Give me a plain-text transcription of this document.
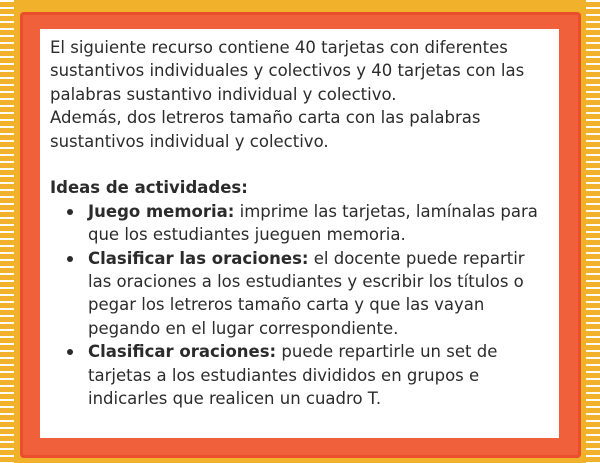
El siguiente recurso contiene 40 tarjetas con diferentes sustantivos individuales y colectivos y 40 tarjetas con las palabras sustantivo individual y colectivo.

Además, dos letreros tamaño carta con las palabras sustantivos individual y colectivo.

Ideas de actividades:

Juego memoria: imprime las tarjetas, lamínalas para que los estudiantes jueguen memoria.
Clasificar las oraciones: el docente puede repartir las oraciones a los estudiantes y escribir los títulos o pegar los letreros tamaño carta y que las vayan pegando en el lugar correspondiente.
Clasificar oraciones: puede repartirle un set de tarjetas a los estudiantes divididos en grupos e indicarles que realicen un cuadro T.
